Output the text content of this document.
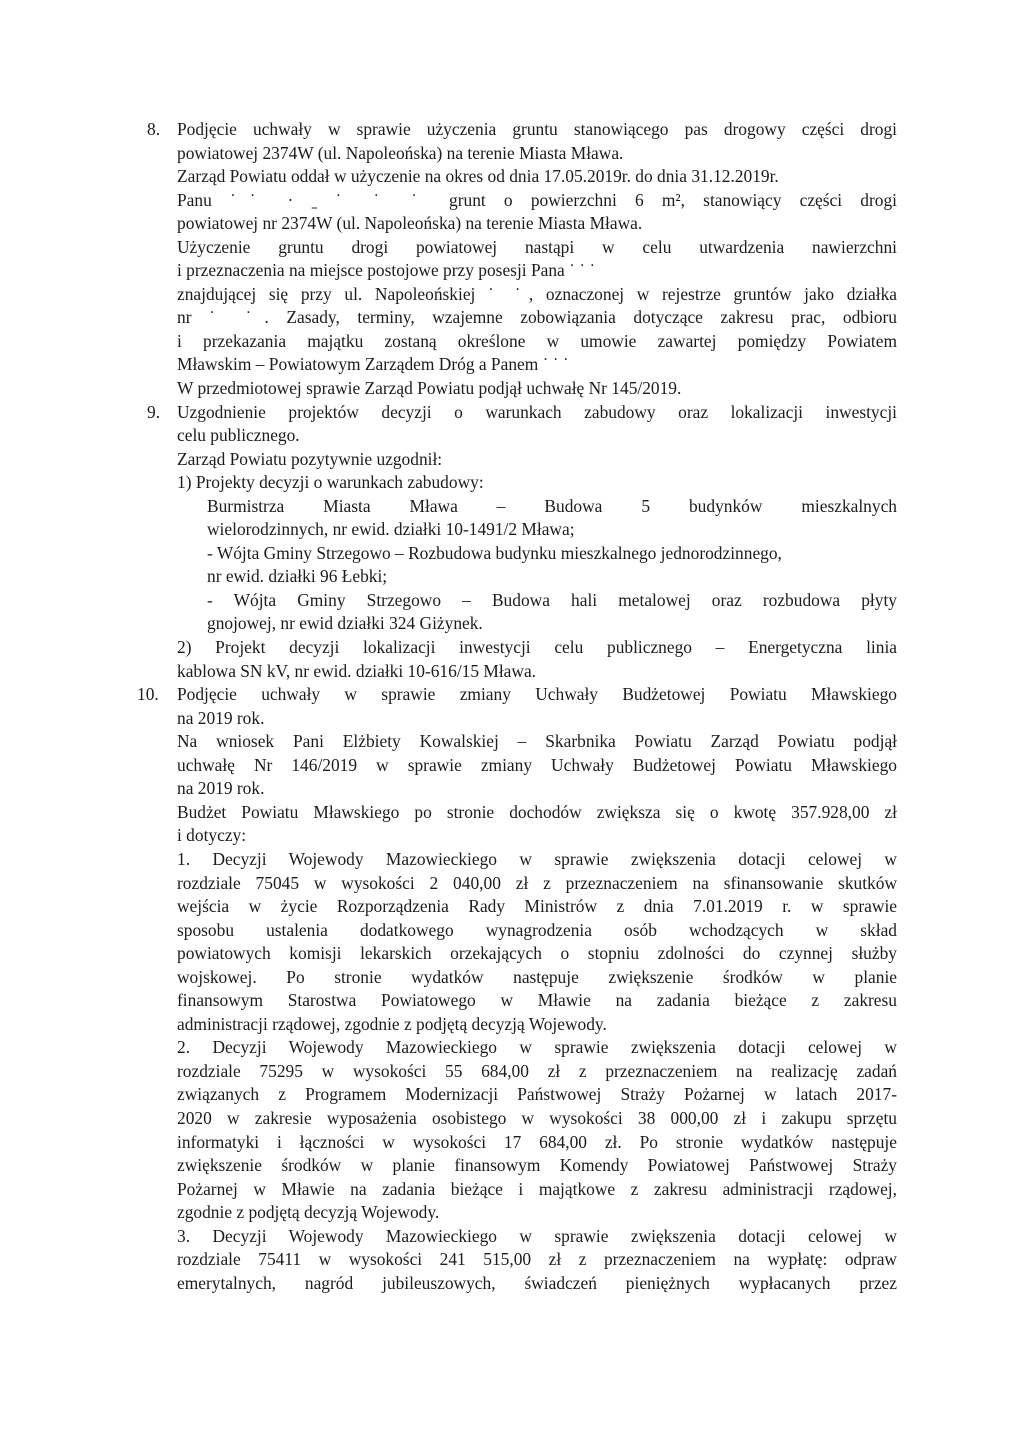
8. Podjęcie uchwały w sprawie użyczenia gruntu stanowiącego pas drogowy części drogi
powiatowej 2374W (ul. Napoleońska) na terenie Miasta Mława.
Zarząd Powiatu oddał w użyczenie na okres od dnia 17.05.2019r. do dnia 31.12.2019r.
Panu ˙˙ · ˍ ˙ ˙ ˙ grunt o powierzchni 6 m², stanowiący części drogi
powiatowej nr 2374W (ul. Napoleońska) na terenie Miasta Mława.
Użyczenie gruntu drogi powiatowej nastąpi w celu utwardzenia nawierzchni
i przeznaczenia na miejsce postojowe przy posesji Pana ˙ ˙ ˙
znajdującej się przy ul. Napoleońskiej ˙ ˙, oznaczonej w rejestrze gruntów jako działka
nr ˙ ˙. Zasady, terminy, wzajemne zobowiązania dotyczące zakresu prac, odbioru
i przekazania majątku zostaną określone w umowie zawartej pomiędzy Powiatem
Mławskim – Powiatowym Zarządem Dróg a Panem ˙ ˙ ˙
W przedmiotowej sprawie Zarząd Powiatu podjął uchwałę Nr 145/2019.
9. Uzgodnienie projektów decyzji o warunkach zabudowy oraz lokalizacji inwestycji
celu publicznego.
Zarząd Powiatu pozytywnie uzgodnił:
1) Projekty decyzji o warunkach zabudowy:
Burmistrza Miasta Mława – Budowa 5 budynków mieszkalnych
wielorodzinnych, nr ewid. działki 10-1491/2 Mława;
- Wójta Gminy Strzegowo – Rozbudowa budynku mieszkalnego jednorodzinnego,
nr ewid. działki 96 Łebki;
- Wójta Gminy Strzegowo – Budowa hali metalowej oraz rozbudowa płyty
gnojowej, nr ewid działki 324 Giżynek.
2) Projekt decyzji lokalizacji inwestycji celu publicznego – Energetyczna linia
kablowa SN kV, nr ewid. działki 10-616/15 Mława.
10.	Podjęcie uchwały w sprawie zmiany Uchwały Budżetowej Powiatu Mławskiego
na 2019 rok.
Na wniosek Pani Elżbiety Kowalskiej – Skarbnika Powiatu Zarząd Powiatu podjął
uchwałę Nr 146/2019 w sprawie zmiany Uchwały Budżetowej Powiatu Mławskiego
na 2019 rok.
Budżet Powiatu Mławskiego po stronie dochodów zwiększa się o kwotę 357.928,00 zł
i dotyczy:
1. Decyzji Wojewody Mazowieckiego w sprawie zwiększenia dotacji celowej w
rozdziale 75045 w wysokości 2 040,00 zł z przeznaczeniem na sfinansowanie skutków
wejścia w życie Rozporządzenia Rady Ministrów z dnia 7.01.2019 r. w sprawie
sposobu ustalenia dodatkowego wynagrodzenia osób wchodzących w skład
powiatowych komisji lekarskich orzekających o stopniu zdolności do czynnej służby
wojskowej. Po stronie wydatków następuje zwiększenie środków w planie
finansowym Starostwa Powiatowego w Mławie na zadania bieżące z zakresu
administracji rządowej, zgodnie z podjętą decyzją Wojewody.
2. Decyzji Wojewody Mazowieckiego w sprawie zwiększenia dotacji celowej w
rozdziale 75295 w wysokości 55 684,00 zł z przeznaczeniem na realizację zadań
związanych z Programem Modernizacji Państwowej Straży Pożarnej w latach 2017-
2020 w zakresie wyposażenia osobistego w wysokości 38 000,00 zł i zakupu sprzętu
informatyki i łączności w wysokości 17 684,00 zł. Po stronie wydatków następuje
zwiększenie środków w planie finansowym Komendy Powiatowej Państwowej Straży
Pożarnej w Mławie na zadania bieżące i majątkowe z zakresu administracji rządowej,
zgodnie z podjętą decyzją Wojewody.
3. Decyzji Wojewody Mazowieckiego w sprawie zwiększenia dotacji celowej w
rozdziale 75411 w wysokości 241 515,00 zł z przeznaczeniem na wypłatę: odpraw
emerytalnych, nagród jubileuszowych, świadczeń pieniężnych wypłacanych przez
